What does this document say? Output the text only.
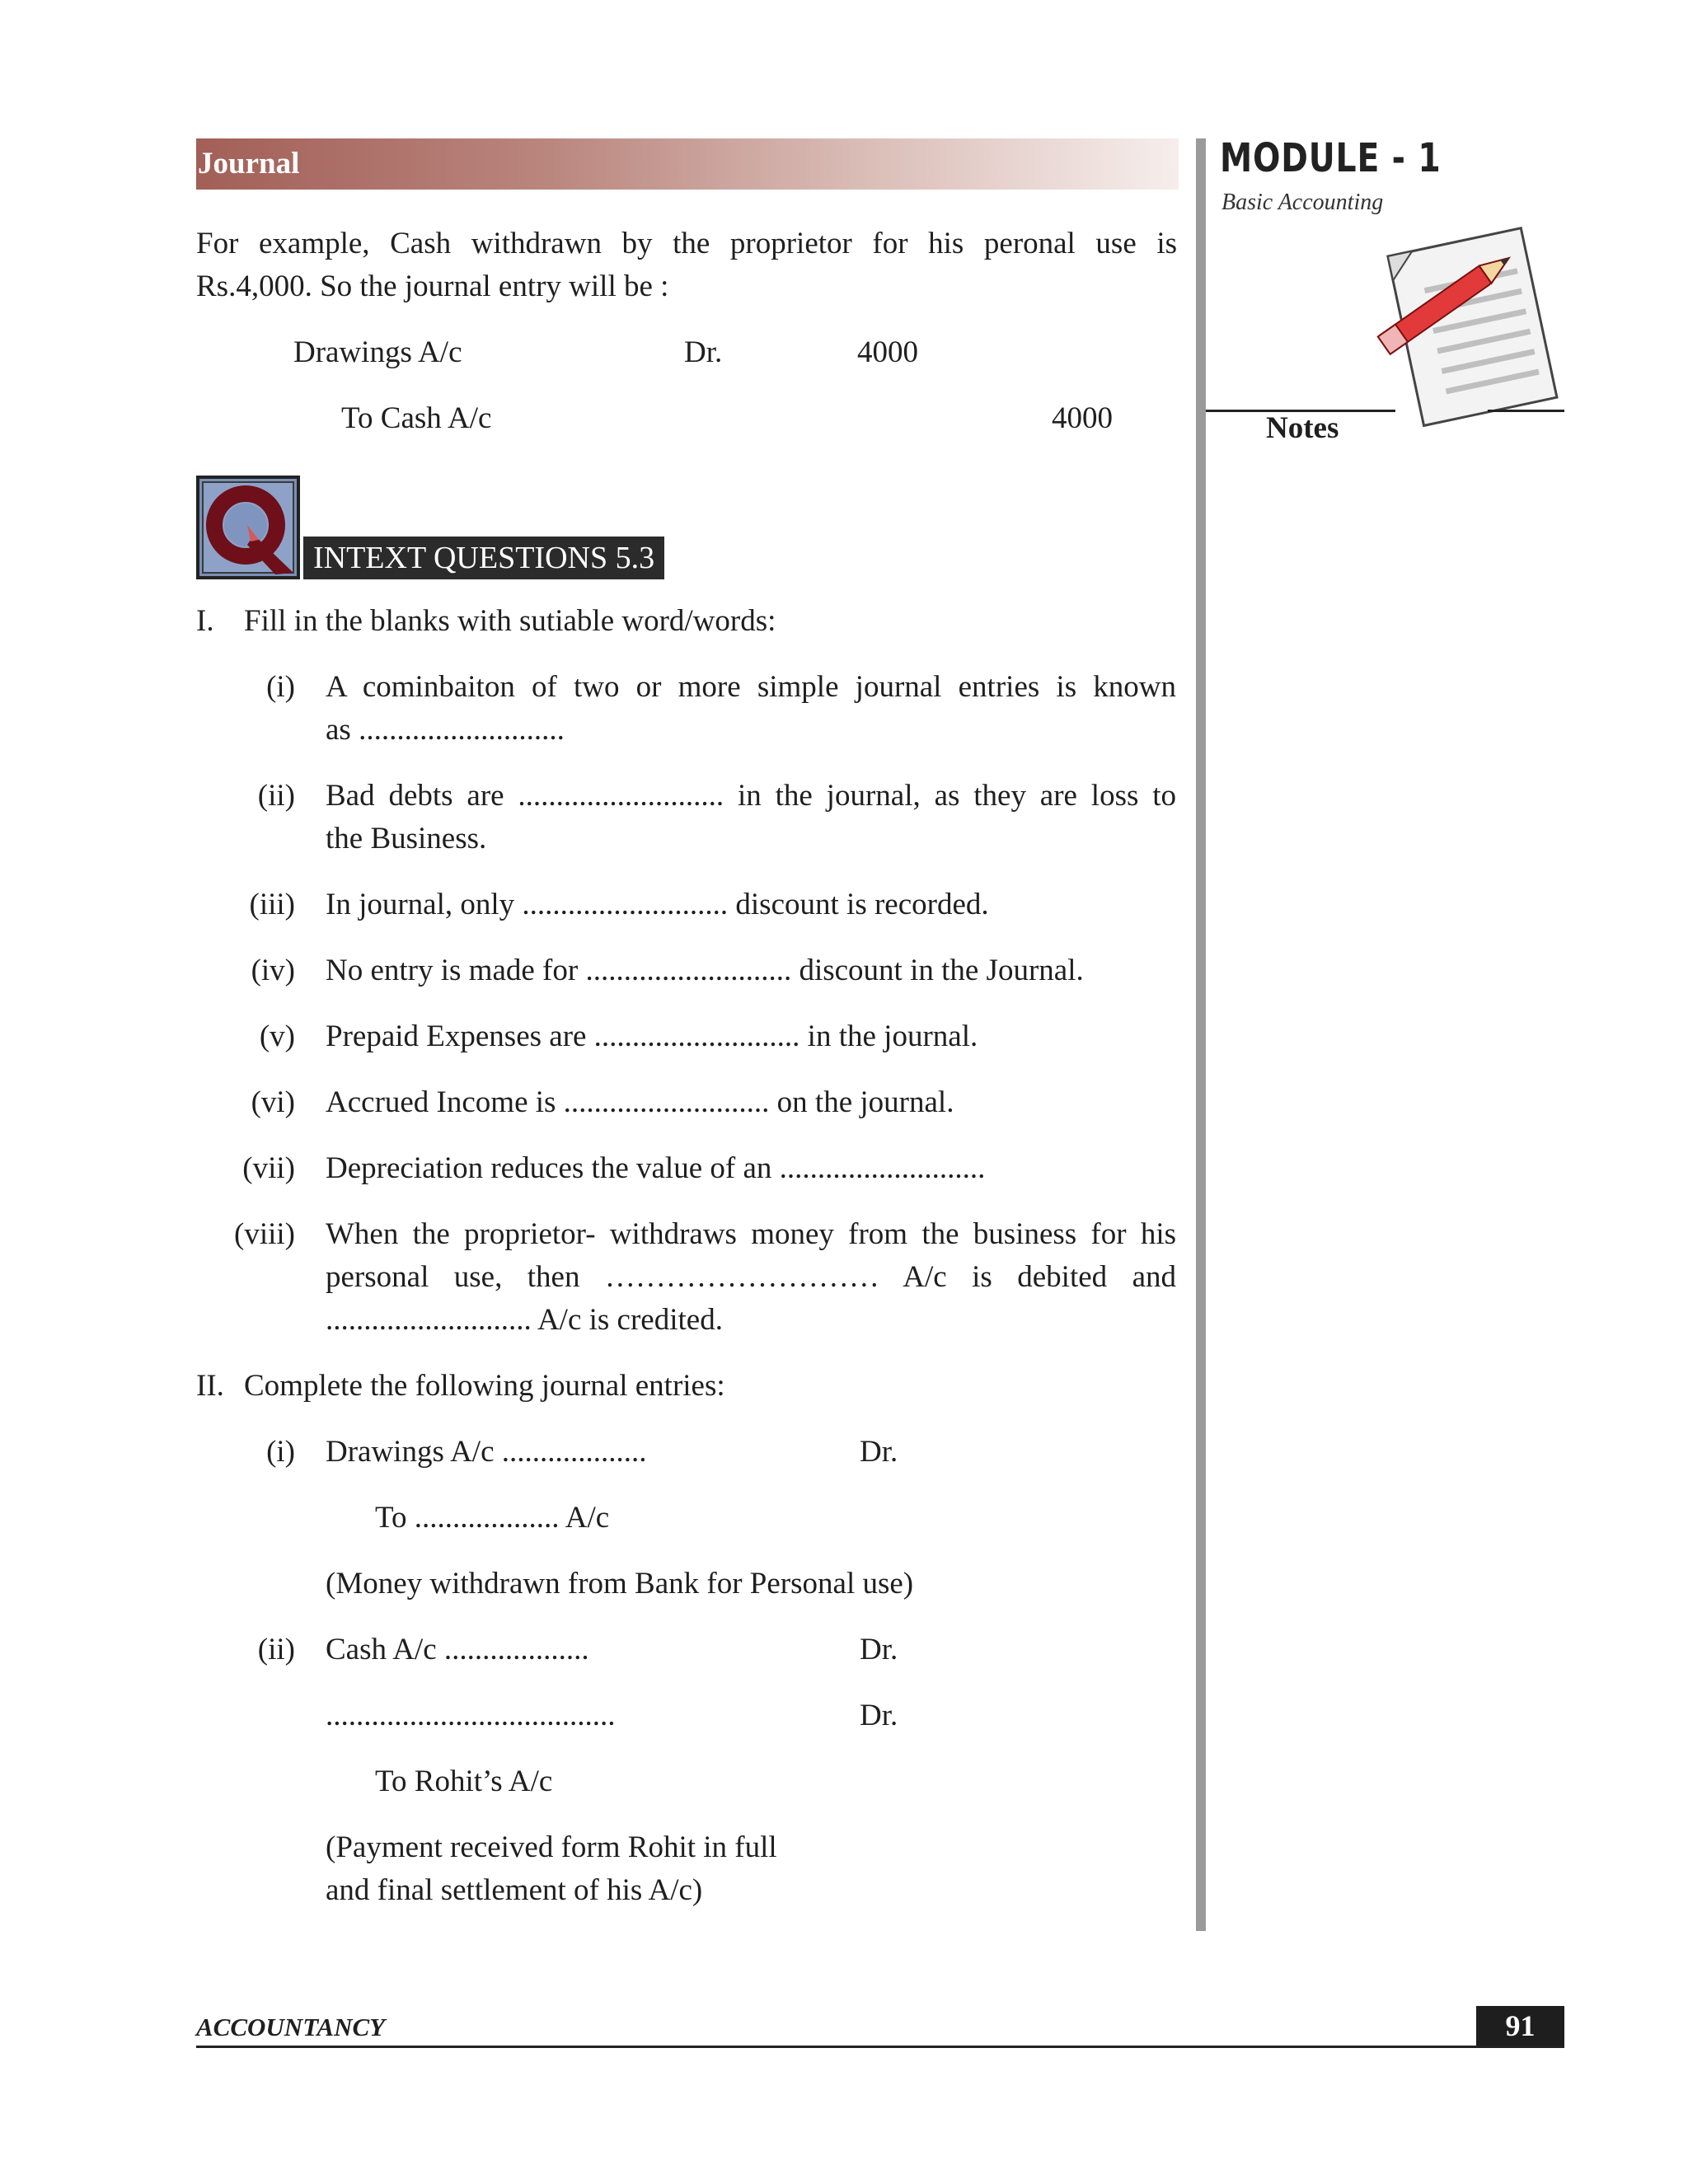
Journal	MODULE - 1
Basic Accounting
Notes
For example, Cash withdrawn by the proprietor for his peronal use is
Rs.4,000. So the journal entry will be :
Drawings A/c	Dr.	4000
To Cash A/c	4000
INTEXT QUESTIONS 5.3
I. Fill in the blanks with sutiable word/words:
(i) A cominbaiton of two or more simple journal entries is known
as ...........................
(ii) Bad debts are ........................... in the journal, as they are loss to
the Business.
(iii) In journal, only ........................... discount is recorded.
(iv) No entry is made for ........................... discount in the Journal.
(v) Prepaid Expenses are ........................... in the journal.
(vi) Accrued Income is ........................... on the journal.
(vii) Depreciation reduces the value of an ...........................
(viii) When the proprietor- withdraws money from the business for his
personal use, then ……………………… A/c is debited and
........................... A/c is credited.
II. Complete the following journal entries:
(i) Drawings A/c ...................	Dr.
To ................... A/c
(Money withdrawn from Bank for Personal use)
(ii) Cash A/c ...................	Dr.
......................................	Dr.
To Rohit’s A/c
(Payment received form Rohit in full
and final settlement of his A/c)
ACCOUNTANCY	91
